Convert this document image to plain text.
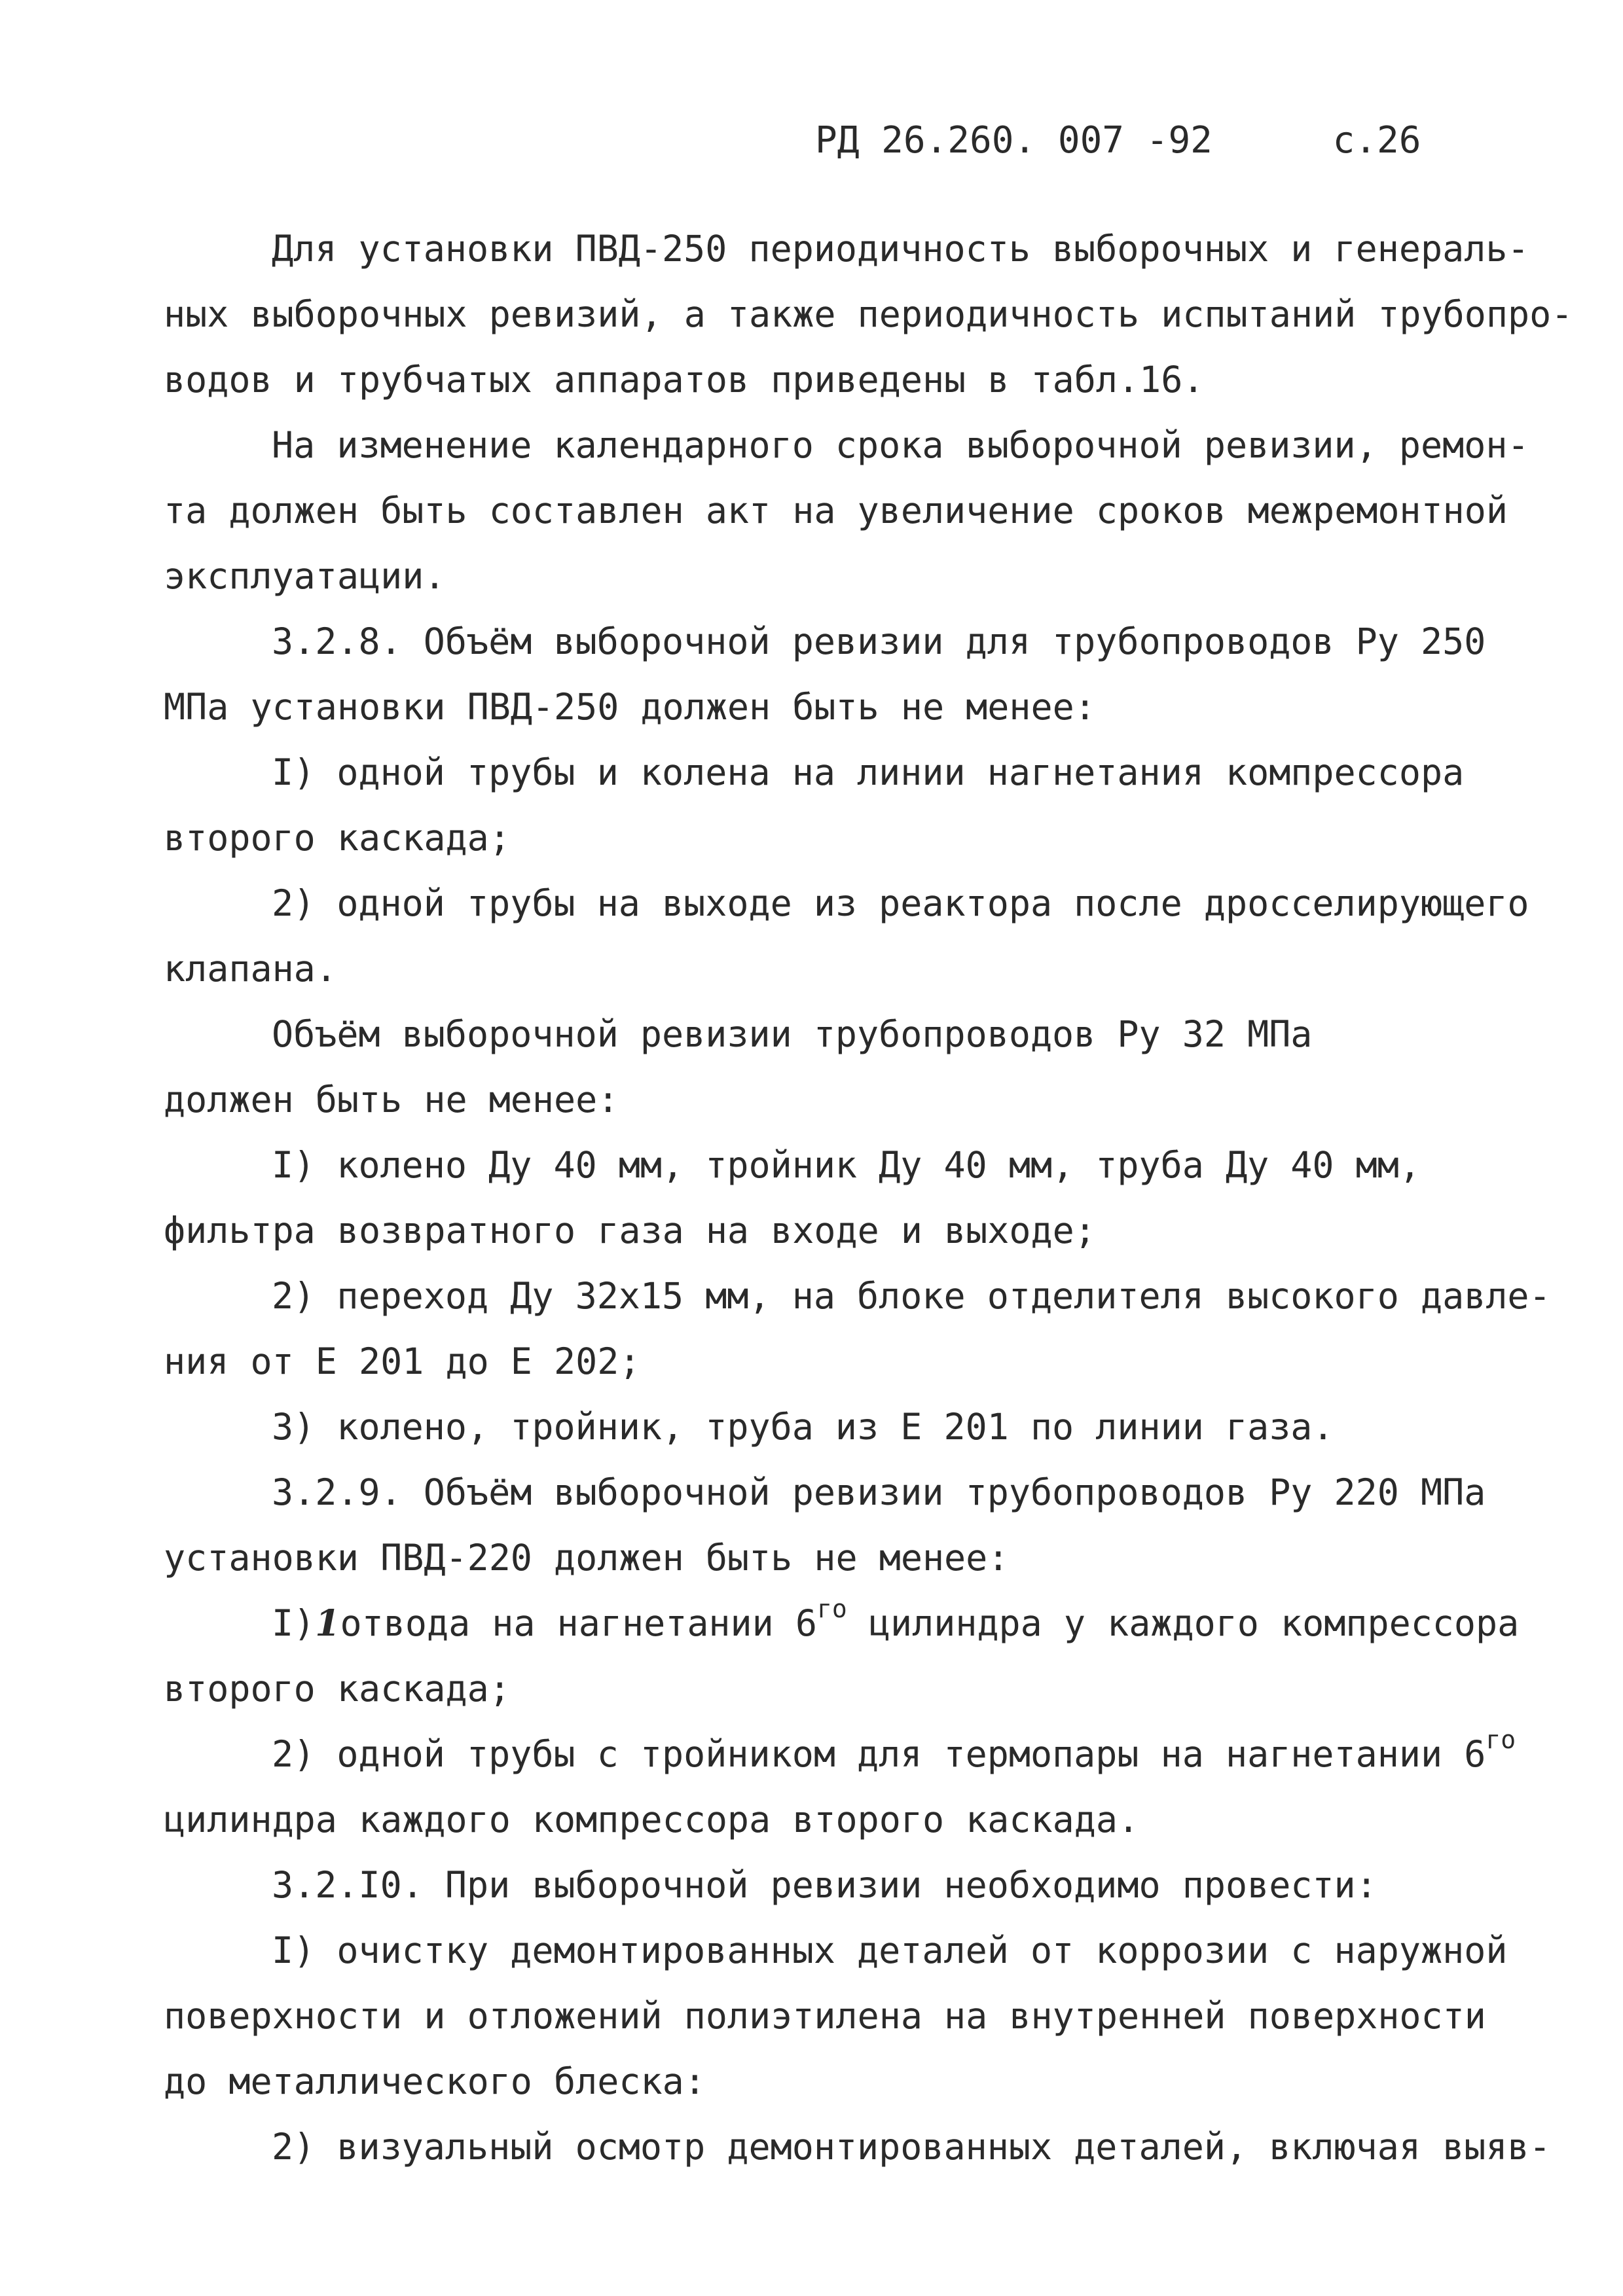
РД 26.260. 007 -92	с.26
Для установки ПВД-250 периодичность выборочных и генераль-
ных выборочных ревизий, а также периодичность испытаний трубопро-
водов и трубчатых аппаратов приведены в табл.16.
На изменение календарного срока выборочной ревизии, ремон-
та должен быть составлен акт на увеличение сроков межремонтной
эксплуатации.
3.2.8. Объём выборочной ревизии для трубопроводов Ру 250
МПа установки ПВД-250 должен быть не менее:
I) одной трубы и колена на линии нагнетания компрессора
второго каскада;
2) одной трубы на выходе из реактора после дросселирующего
клапана.
Объём выборочной ревизии трубопроводов Ру 32 МПа
должен быть не менее:
I) колено Ду 40 мм, тройник Ду 40 мм, труба Ду 40 мм,
фильтра возвратного газа на входе и выходе;
2) переход Ду 32х15 мм, на блоке отделителя высокого давле-
ния от Е 201 до Е 202;
3) колено, тройник, труба из Е 201 по линии газа.
3.2.9. Объём выборочной ревизии трубопроводов Ру 220 МПа
установки ПВД-220 должен быть не менее:
I)1отвода на нагнетании $6^{го}$ цилиндра у каждого компрессора
второго каскада;
2) одной трубы с тройником для термопары на нагнетании $6^{го}$
цилиндра каждого компрессора второго каскада.
3.2.I0. При выборочной ревизии необходимо провести:
I) очистку демонтированных деталей от коррозии с наружной
поверхности и отложений полиэтилена на внутренней поверхности
до металлического блеска:
2) визуальный осмотр демонтированных деталей, включая выяв-
